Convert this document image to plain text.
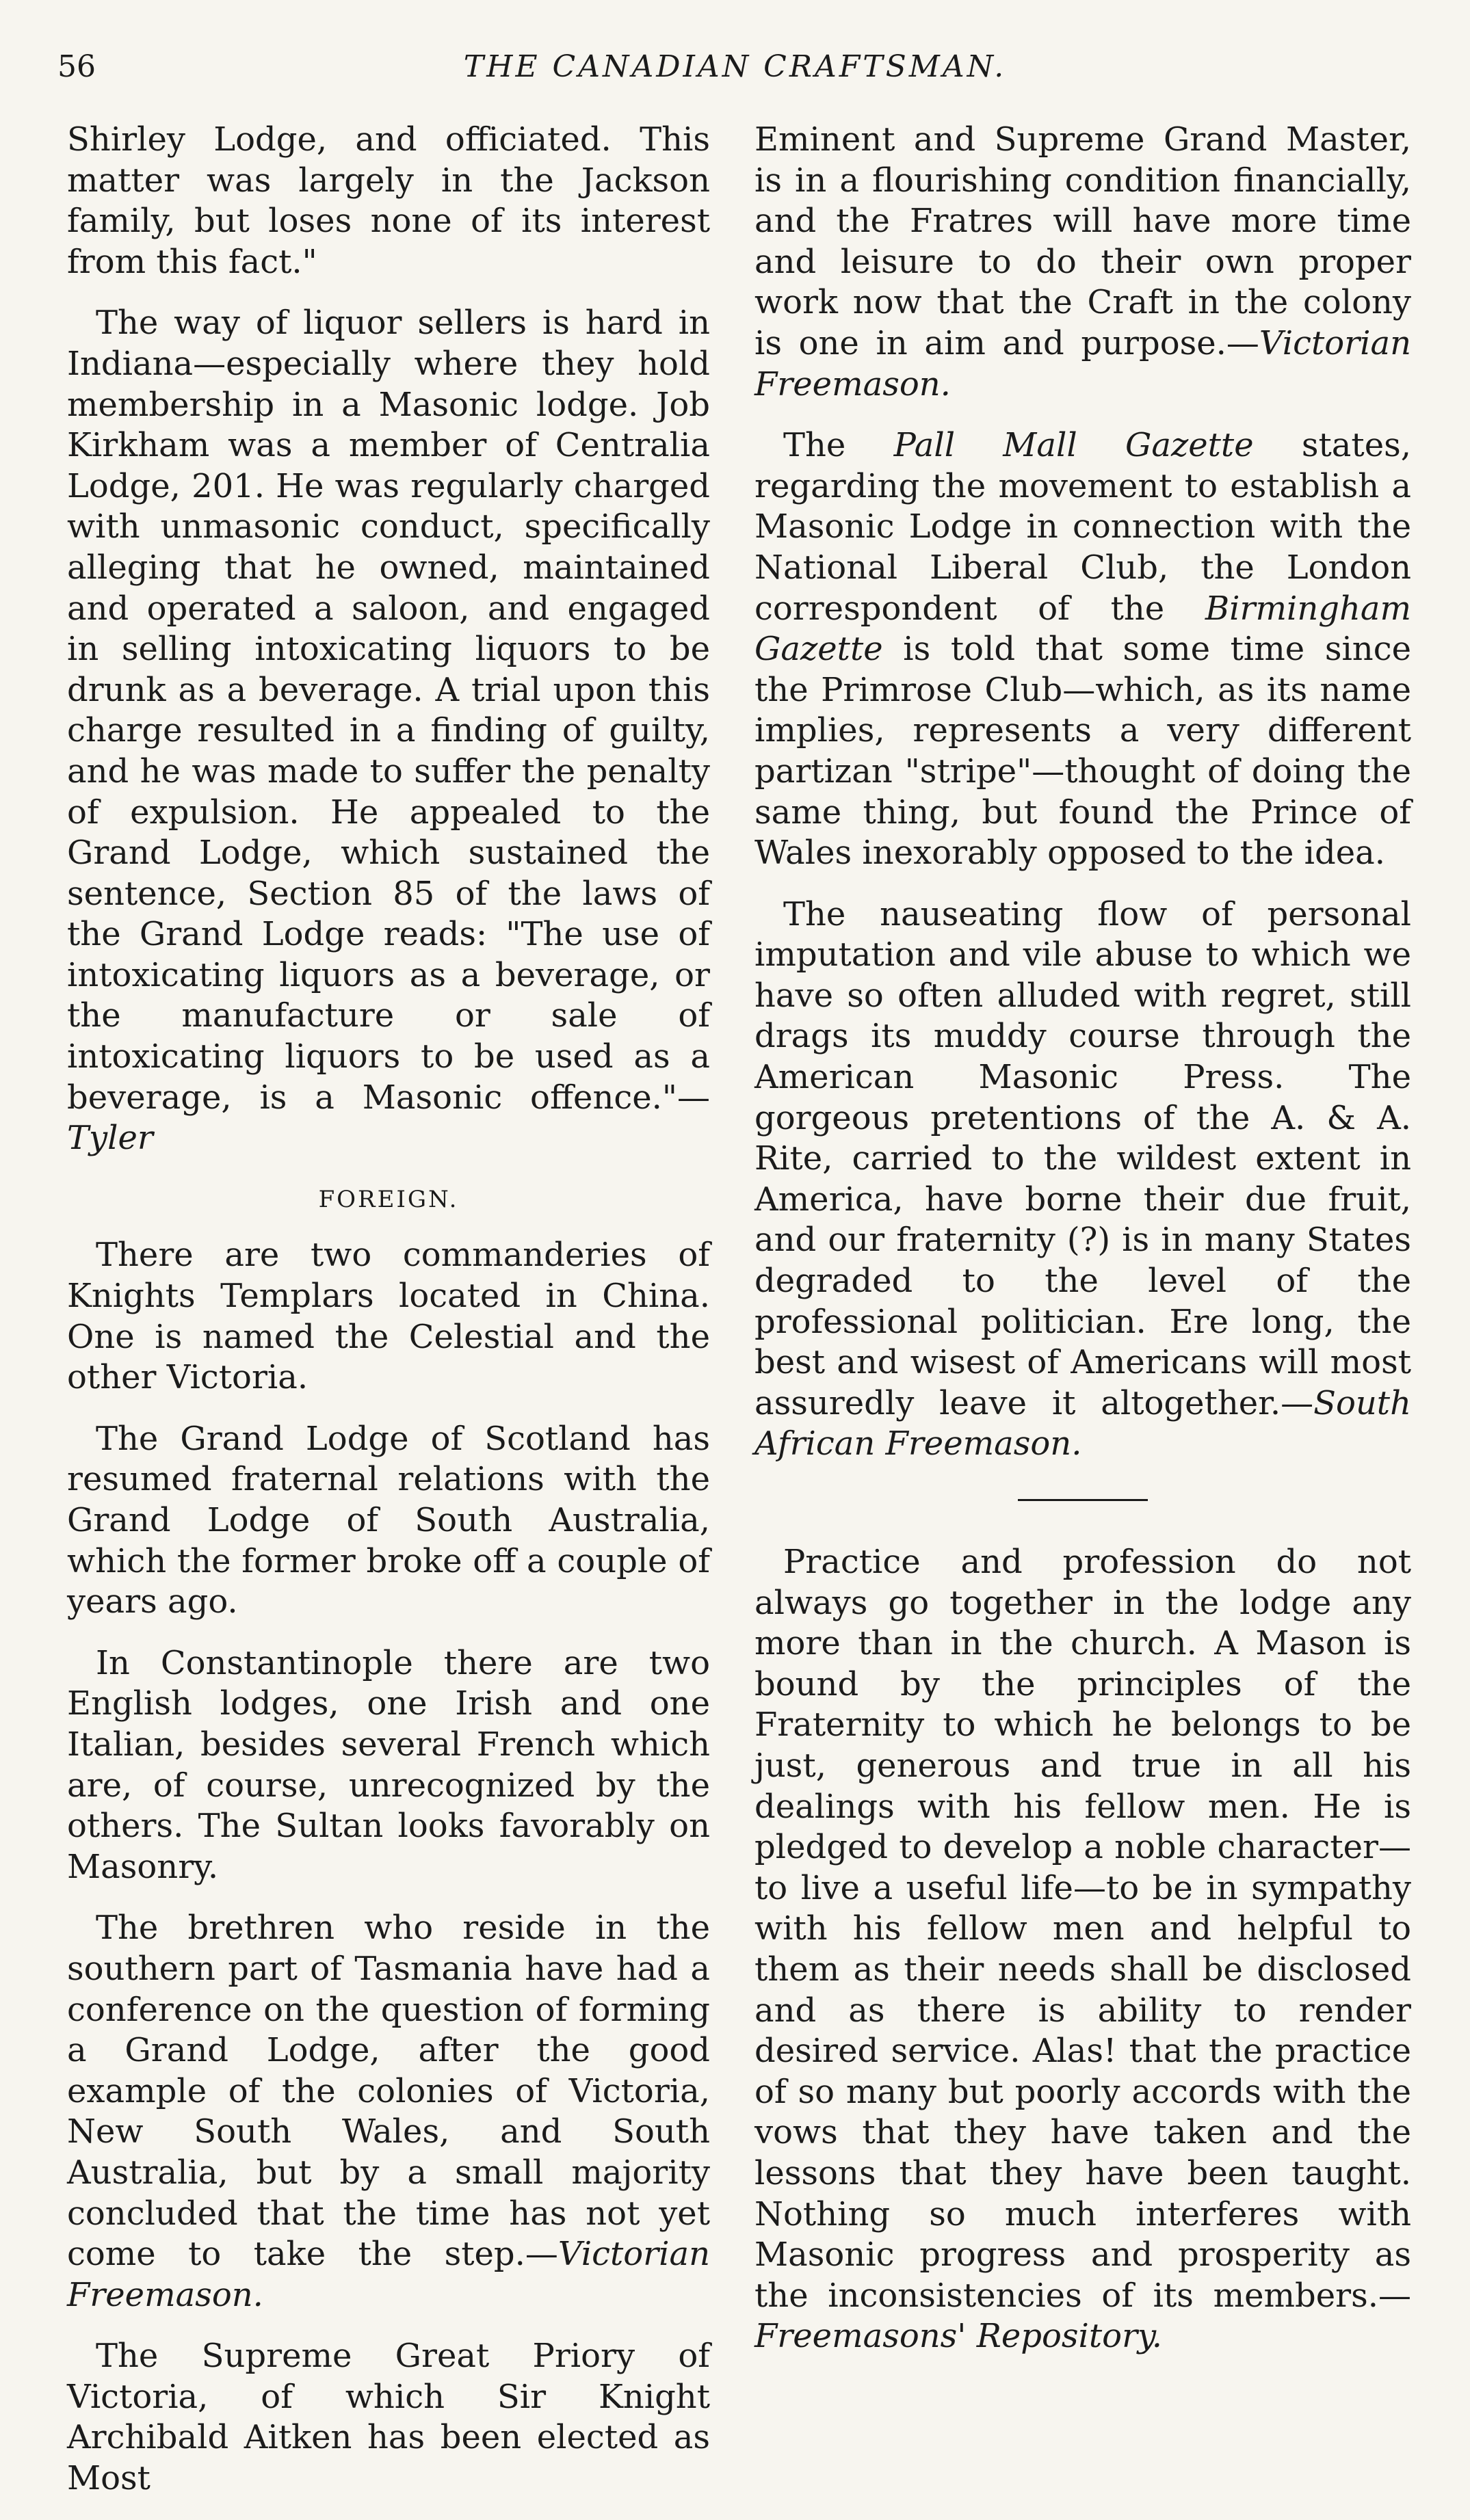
56	THE CANADIAN CRAFTSMAN.

Shirley Lodge, and officiated. This matter was largely in the Jackson family, but loses none of its interest from this fact."

The way of liquor sellers is hard in Indiana—especially where they hold membership in a Masonic lodge. Job Kirkham was a member of Centralia Lodge, 201. He was regularly charged with unmasonic conduct, specifically alleging that he owned, maintained and operated a saloon, and engaged in selling intoxicating liquors to be drunk as a beverage. A trial upon this charge resulted in a finding of guilty, and he was made to suffer the penalty of expulsion. He appealed to the Grand Lodge, which sustained the sentence, Section 85 of the laws of the Grand Lodge reads: "The use of intoxicating liquors as a beverage, or the manufacture or sale of intoxicating liquors to be used as a beverage, is a Masonic offence."—Tyler

FOREIGN.

There are two commanderies of Knights Templars located in China. One is named the Celestial and the other Victoria.

The Grand Lodge of Scotland has resumed fraternal relations with the Grand Lodge of South Australia, which the former broke off a couple of years ago.

In Constantinople there are two English lodges, one Irish and one Italian, besides several French which are, of course, unrecognized by the others. The Sultan looks favorably on Masonry.

The brethren who reside in the southern part of Tasmania have had a conference on the question of forming a Grand Lodge, after the good example of the colonies of Victoria, New South Wales, and South Australia, but by a small majority concluded that the time has not yet come to take the step.—Victorian Freemason.

The Supreme Great Priory of Victoria, of which Sir Knight Archibald Aitken has been elected as Most

Eminent and Supreme Grand Master, is in a flourishing condition financially, and the Fratres will have more time and leisure to do their own proper work now that the Craft in the colony is one in aim and purpose.—Victorian Freemason.

The Pall Mall Gazette states, regarding the movement to establish a Masonic Lodge in connection with the National Liberal Club, the London correspondent of the Birmingham Gazette is told that some time since the Primrose Club—which, as its name implies, represents a very different partizan "stripe"—thought of doing the same thing, but found the Prince of Wales inexorably opposed to the idea.

The nauseating flow of personal imputation and vile abuse to which we have so often alluded with regret, still drags its muddy course through the American Masonic Press. The gorgeous pretentions of the A. & A. Rite, carried to the wildest extent in America, have borne their due fruit, and our fraternity (?) is in many States degraded to the level of the professional politician. Ere long, the best and wisest of Americans will most assuredly leave it altogether.—South African Freemason.

Practice and profession do not always go together in the lodge any more than in the church. A Mason is bound by the principles of the Fraternity to which he belongs to be just, generous and true in all his dealings with his fellow men. He is pledged to develop a noble character—to live a useful life—to be in sympathy with his fellow men and helpful to them as their needs shall be disclosed and as there is ability to render desired service. Alas! that the practice of so many but poorly accords with the vows that they have taken and the lessons that they have been taught. Nothing so much interferes with Masonic progress and prosperity as the inconsistencies of its members.—Freemasons' Repository.
